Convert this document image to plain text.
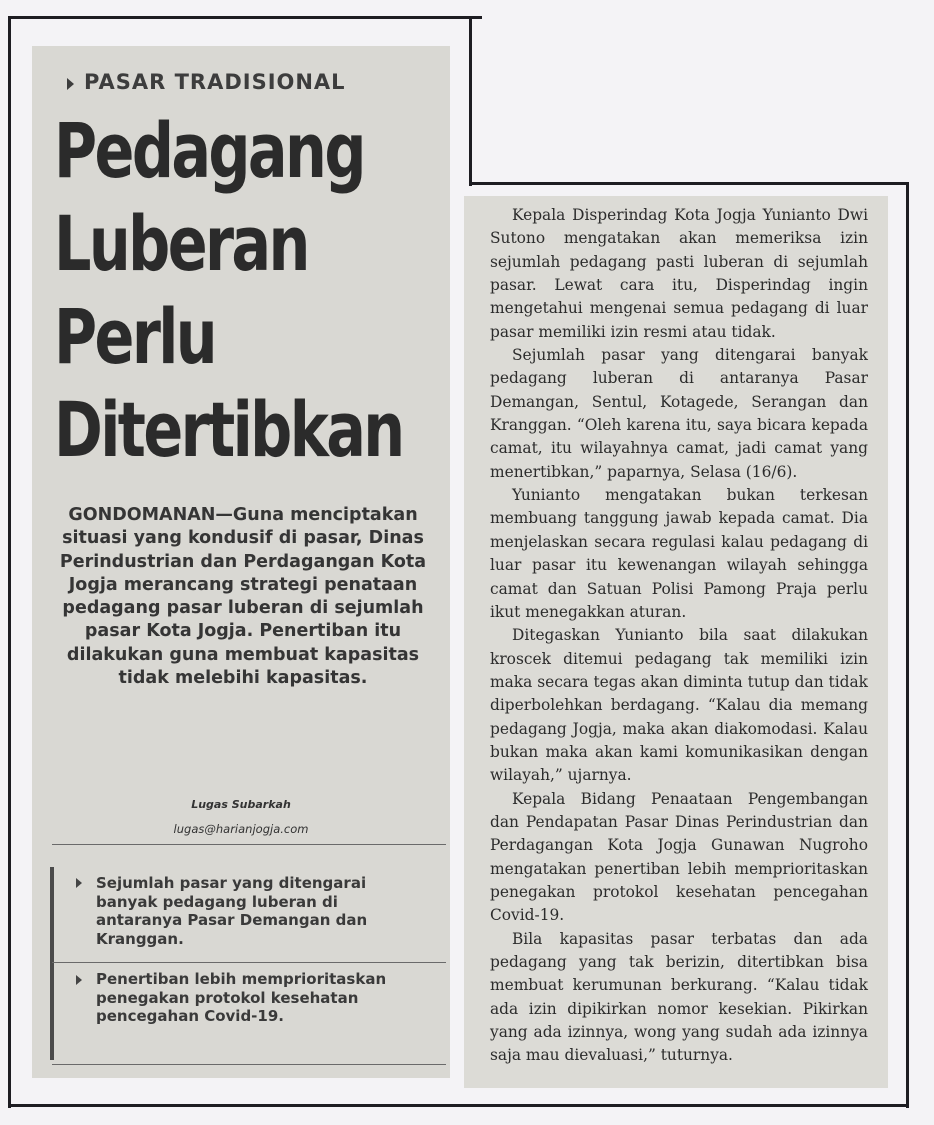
PASAR TRADISIONAL
Pedagang
Luberan
Perlu
Ditertibkan

GONDOMANAN—Guna menciptakan situasi yang kondusif di pasar, Dinas Perindustrian dan Perdagangan Kota Jogja merancang strategi penataan pedagang pasar luberan di sejumlah pasar Kota Jogja. Penertiban itu dilakukan guna membuat kapasitas tidak melebihi kapasitas.

Lugas Subarkah
lugas@harianjogja.com

Sejumlah pasar yang ditengarai banyak pedagang luberan di antaranya Pasar Demangan dan Kranggan.

Penertiban lebih memprioritaskan penegakan protokol kesehatan pencegahan Covid-19.

Kepala Disperindag Kota Jogja Yunianto Dwi Sutono mengatakan akan memeriksa izin sejumlah pedagang pasti luberan di sejumlah pasar. Lewat cara itu, Disperindag ingin mengetahui mengenai semua pedagang di luar pasar memiliki izin resmi atau tidak.

Sejumlah pasar yang ditengarai banyak pedagang luberan di antaranya Pasar Demangan, Sentul, Kotagede, Serangan dan Kranggan. “Oleh karena itu, saya bicara kepada camat, itu wilayahnya camat, jadi camat yang menertibkan,” paparnya, Selasa (16/6).

Yunianto mengatakan bukan terkesan membuang tanggung jawab kepada camat. Dia menjelaskan secara regulasi kalau pedagang di luar pasar itu kewenangan wilayah sehingga camat dan Satuan Polisi Pamong Praja perlu ikut menegakkan aturan.

Ditegaskan Yunianto bila saat dilakukan kroscek ditemui pedagang tak memiliki izin maka secara tegas akan diminta tutup dan tidak diperbolehkan berdagang. “Kalau dia memang pedagang Jogja, maka akan diakomodasi. Kalau bukan maka akan kami komunikasikan dengan wilayah,” ujarnya.

Kepala Bidang Penaataan Pengembangan dan Pendapatan Pasar Dinas Perindustrian dan Perdagangan Kota Jogja Gunawan Nugroho mengatakan penertiban lebih memprioritaskan penegakan protokol kesehatan pencegahan Covid-19.

Bila kapasitas pasar terbatas dan ada pedagang yang tak berizin, ditertibkan bisa membuat kerumunan berkurang. “Kalau tidak ada izin dipikirkan nomor kesekian. Pikirkan yang ada izinnya, wong yang sudah ada izinnya saja mau dievaluasi,” tuturnya.
